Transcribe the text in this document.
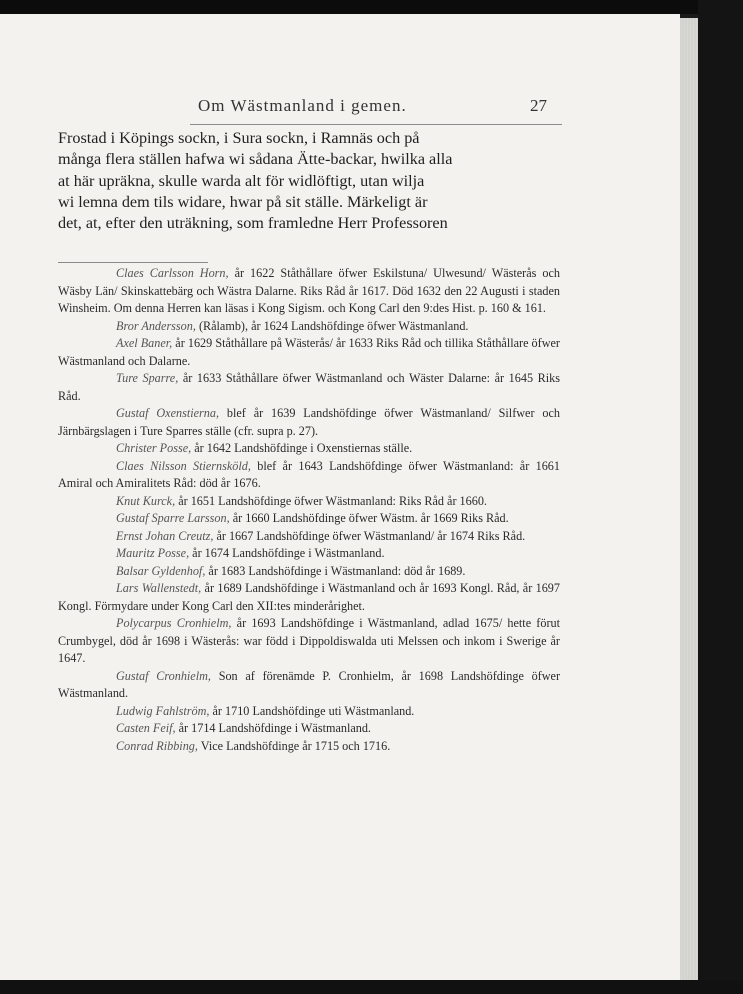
Om Wästmanland i gemen.	27
Frostad i Köpings sockn, i Sura sockn, i Ramnäs och på
många flera ställen hafwa wi sådana Ätte-backar, hwilka alla
at här upräkna, skulle warda alt för widlöftigt, utan wilja
wi lemna dem tils widare, hwar på sit ställe. Märkeligt är
det, at, efter den uträkning, som framledne Herr Professoren
Claes Carlsson Horn, år 1622 Ståthållare öfwer Eskilstuna/ Ulwesund/ Wästerås och Wäsby Län/ Skinskattebärg och Wästra Dalarne. Riks Råd år 1617. Död 1632 den 22 Augusti i staden Winsheim. Om denna Herren kan läsas i Kong Sigism. och Kong Carl den 9:des Hist. p. 160 & 161.
Bror Andersson, (Rålamb), år 1624 Landshöfdinge öfwer Wästmanland.
Axel Baner, år 1629 Ståthållare på Wästerås/ år 1633 Riks Råd och tillika Ståthållare öfwer Wästmanland och Dalarne.
Ture Sparre, år 1633 Ståthållare öfwer Wästmanland och Wäster Dalarne: år 1645 Riks Råd.
Gustaf Oxenstierna, blef år 1639 Landshöfdinge öfwer Wästmanland/ Silfwer och Järnbärgslagen i Ture Sparres ställe (cfr. supra p. 27).
Christer Posse, år 1642 Landshöfdinge i Oxenstiernas ställe.
Claes Nilsson Stiernsköld, blef år 1643 Landshöfdinge öfwer Wästmanland: år 1661 Amiral och Amiralitets Råd: död år 1676.
Knut Kurck, år 1651 Landshöfdinge öfwer Wästmanland: Riks Råd år 1660.
Gustaf Sparre Larsson, år 1660 Landshöfdinge öfwer Wästm. år 1669 Riks Råd.
Ernst Johan Creutz, år 1667 Landshöfdinge öfwer Wästmanland/ år 1674 Riks Råd.
Mauritz Posse, år 1674 Landshöfdinge i Wästmanland.
Balsar Gyldenhof, år 1683 Landshöfdinge i Wästmanland: död år 1689.
Lars Wallenstedt, år 1689 Landshöfdinge i Wästmanland och år 1693 Kongl. Råd, år 1697 Kongl. Förmydare under Kong Carl den XII:tes minderårighet.
Polycarpus Cronhielm, år 1693 Landshöfdinge i Wästmanland, adlad 1675/ hette förut Crumbygel, död år 1698 i Wästerås: war född i Dippoldiswalda uti Melssen och inkom i Swerige år 1647.
Gustaf Cronhielm, Son af förenämde P. Cronhielm, år 1698 Landshöfdinge öfwer Wästmanland.
Ludwig Fahlström, år 1710 Landshöfdinge uti Wästmanland.
Casten Feif, år 1714 Landshöfdinge i Wästmanland.
Conrad Ribbing, Vice Landshöfdinge år 1715 och 1716.
